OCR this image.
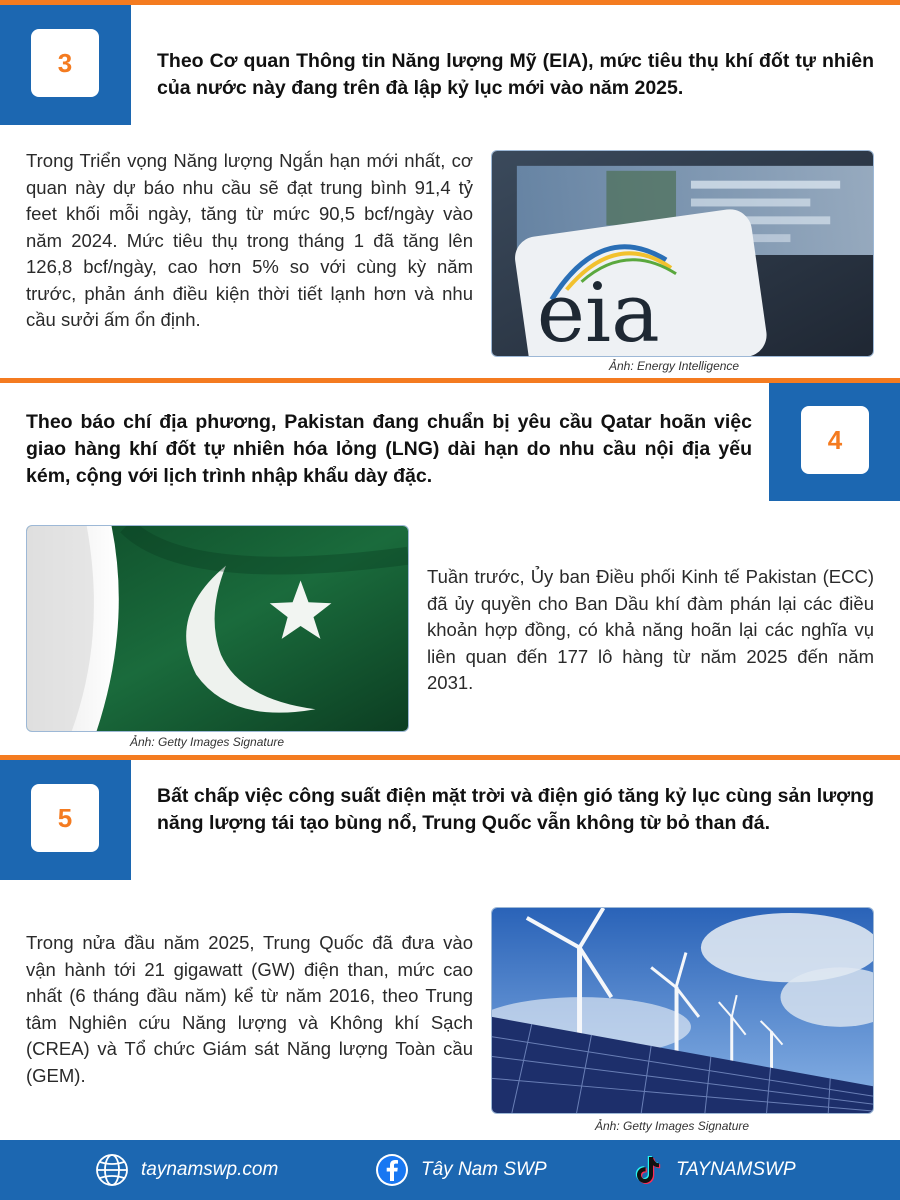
3	Theo Cơ quan Thông tin Năng lượng Mỹ (EIA), mức tiêu thụ khí đốt tự nhiên của nước này đang trên đà lập kỷ lục mới vào năm 2025.
Trong Triển vọng Năng lượng Ngắn hạn mới nhất, cơ quan này dự báo nhu cầu sẽ đạt trung bình 91,4 tỷ feet khối mỗi ngày, tăng từ mức 90,5 bcf/ngày vào năm 2024. Mức tiêu thụ trong tháng 1 đã tăng lên 126,8 bcf/ngày, cao hơn 5% so với cùng kỳ năm trước, phản ánh điều kiện thời tiết lạnh hơn và nhu cầu sưởi ấm ổn định.	eia
Ảnh: Energy Intelligence
4
Theo báo chí địa phương, Pakistan đang chuẩn bị yêu cầu Qatar hoãn việc giao hàng khí đốt tự nhiên hóa lỏng (LNG) dài hạn do nhu cầu nội địa yếu kém, cộng với lịch trình nhập khẩu dày đặc.
Ảnh: Getty Images Signature
Tuần trước, Ủy ban Điều phối Kinh tế Pakistan (ECC) đã ủy quyền cho Ban Dầu khí đàm phán lại các điều khoản hợp đồng, có khả năng hoãn lại các nghĩa vụ liên quan đến 177 lô hàng từ năm 2025 đến năm 2031.
5
Bất chấp việc công suất điện mặt trời và điện gió tăng kỷ lục cùng sản lượng năng lượng tái tạo bùng nổ, Trung Quốc vẫn không từ bỏ than đá.
Trong nửa đầu năm 2025, Trung Quốc đã đưa vào vận hành tới 21 gigawatt (GW) điện than, mức cao nhất (6 tháng đầu năm) kể từ năm 2016, theo Trung tâm Nghiên cứu Năng lượng và Không khí Sạch (CREA) và Tổ chức Giám sát Năng lượng Toàn cầu (GEM).
Ảnh: Getty Images Signature
taynamswp.com	Tây Nam SWP	TAYNAMSWP
